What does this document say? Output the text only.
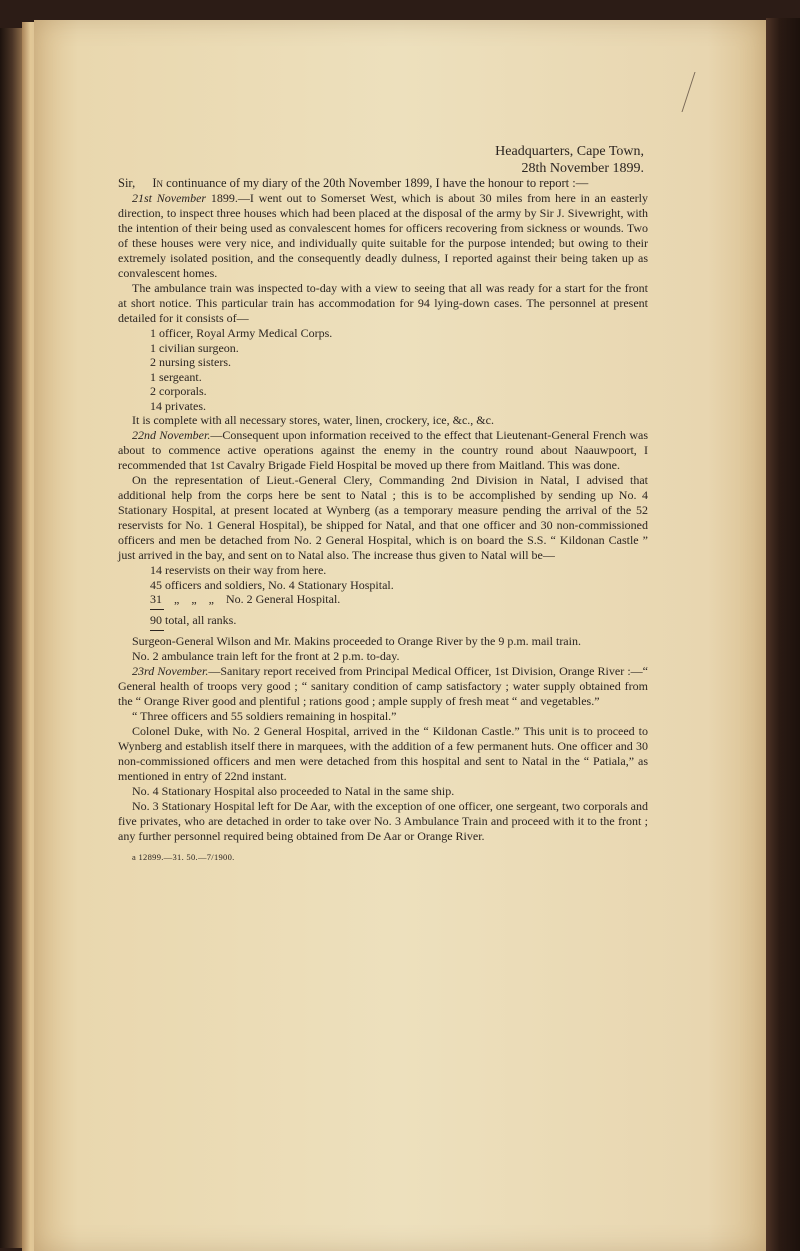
Headquarters, Cape Town,
28th November 1899.

Sir, In continuance of my diary of the 20th November 1899, I have the honour to report :—

21st November 1899.—I went out to Somerset West, which is about 30 miles from here in an easterly direction, to inspect three houses which had been placed at the disposal of the army by Sir J. Sivewright, with the intention of their being used as convalescent homes for officers recovering from sickness or wounds. Two of these houses were very nice, and individually quite suitable for the purpose intended; but owing to their extremely isolated position, and the consequently deadly dulness, I reported against their being taken up as convalescent homes.

The ambulance train was inspected to-day with a view to seeing that all was ready for a start for the front at short notice. This particular train has accommodation for 94 lying-down cases. The personnel at present detailed for it consists of—

1 officer, Royal Army Medical Corps.
1 civilian surgeon.
2 nursing sisters.
1 sergeant.
2 corporals.
14 privates.

It is complete with all necessary stores, water, linen, crockery, ice, &c., &c.

22nd November.—Consequent upon information received to the effect that Lieutenant-General French was about to commence active operations against the enemy in the country round about Naauwpoort, I recommended that 1st Cavalry Brigade Field Hospital be moved up there from Maitland. This was done.

On the representation of Lieut.-General Clery, Commanding 2nd Division in Natal, I advised that additional help from the corps here be sent to Natal ; this is to be accomplished by sending up No. 4 Stationary Hospital, at present located at Wynberg (as a temporary measure pending the arrival of the 52 reservists for No. 1 General Hospital), be shipped for Natal, and that one officer and 30 non-commissioned officers and men be detached from No. 2 General Hospital, which is on board the S.S. “ Kildonan Castle ” just arrived in the bay, and sent on to Natal also. The increase thus given to Natal will be—

14 reservists on their way from here.
45 officers and soldiers, No. 4 Stationary Hospital.
31    „    „    „    No. 2 General Hospital.
90 total, all ranks.

Surgeon-General Wilson and Mr. Makins proceeded to Orange River by the 9 p.m. mail train.

No. 2 ambulance train left for the front at 2 p.m. to-day.

23rd November.—Sanitary report received from Principal Medical Officer, 1st Division, Orange River :—“ General health of troops very good ; “ sanitary condition of camp satisfactory ; water supply obtained from the “ Orange River good and plentiful ; rations good ; ample supply of fresh meat “ and vegetables.”

“ Three officers and 55 soldiers remaining in hospital.”

Colonel Duke, with No. 2 General Hospital, arrived in the “ Kildonan Castle.” This unit is to proceed to Wynberg and establish itself there in marquees, with the addition of a few permanent huts. One officer and 30 non-commissioned officers and men were detached from this hospital and sent to Natal in the “ Patiala,” as mentioned in entry of 22nd instant.

No. 4 Stationary Hospital also proceeded to Natal in the same ship.

No. 3 Stationary Hospital left for De Aar, with the exception of one officer, one sergeant, two corporals and five privates, who are detached in order to take over No. 3 Ambulance Train and proceed with it to the front ; any further personnel required being obtained from De Aar or Orange River.

a 12899.—31. 50.—7/1900.
